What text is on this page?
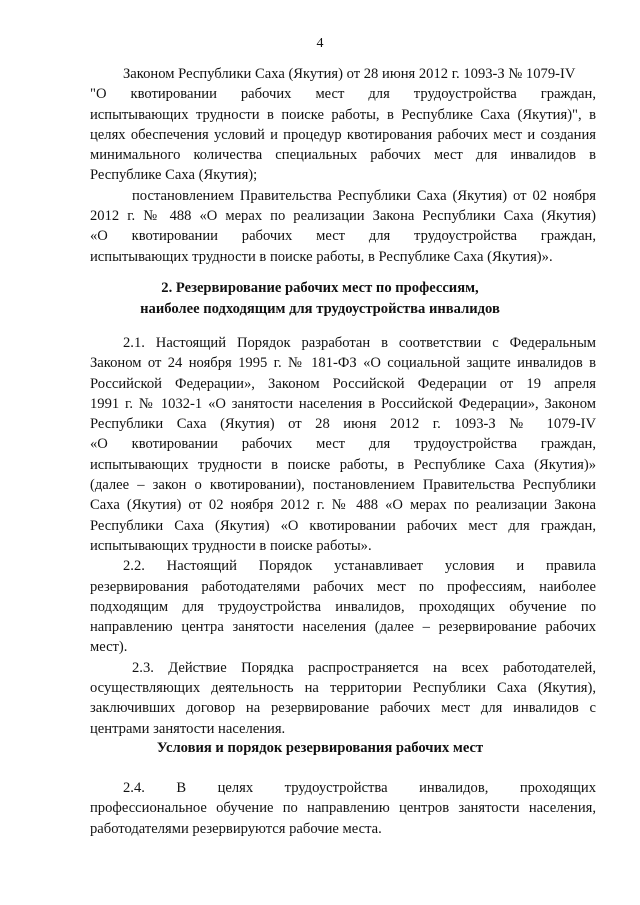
4
Законом Республики Саха (Якутия) от 28 июня 2012 г. 1093-З № 1079-IV
"О квотировании рабочих мест для трудоустройства граждан,
испытывающих трудности в поиске работы, в Республике Саха (Якутия)", в
целях обеспечения условий и процедур квотирования рабочих мест и создания
минимального количества специальных рабочих мест для инвалидов в
Республике Саха (Якутия);
постановлением Правительства Республики Саха (Якутия) от 02 ноября
2012 г. № 488 «О мерах по реализации Закона Республики Саха (Якутия)
«О квотировании рабочих мест для трудоустройства граждан,
испытывающих трудности в поиске работы, в Республике Саха (Якутия)».
2. Резервирование рабочих мест по профессиям,
наиболее подходящим для трудоустройства инвалидов
2.1. Настоящий Порядок разработан в соответствии с Федеральным
Законом от 24 ноября 1995 г. № 181-ФЗ «О социальной защите инвалидов в
Российской Федерации», Законом Российской Федерации от 19 апреля
1991 г. № 1032-1 «О занятости населения в Российской Федерации», Законом
Республики Саха (Якутия) от 28 июня 2012 г. 1093-З № 1079-IV
«О квотировании рабочих мест для трудоустройства граждан,
испытывающих трудности в поиске работы, в Республике Саха (Якутия)»
(далее – закон о квотировании), постановлением Правительства Республики
Саха (Якутия) от 02 ноября 2012 г. № 488 «О мерах по реализации Закона
Республики Саха (Якутия) «О квотировании рабочих мест для граждан,
испытывающих трудности в поиске работы».
2.2. Настоящий Порядок устанавливает условия и правила
резервирования работодателями рабочих мест по профессиям, наиболее
подходящим для трудоустройства инвалидов, проходящих обучение по
направлению центра занятости населения (далее – резервирование рабочих
мест).
2.3. Действие Порядка распространяется на всех работодателей,
осуществляющих деятельность на территории Республики Саха (Якутия),
заключивших договор на резервирование рабочих мест для инвалидов с
центрами занятости населения.
Условия и порядок резервирования рабочих мест
2.4. В целях трудоустройства инвалидов, проходящих
профессиональное обучение по направлению центров занятости населения,
работодателями резервируются рабочие места.
